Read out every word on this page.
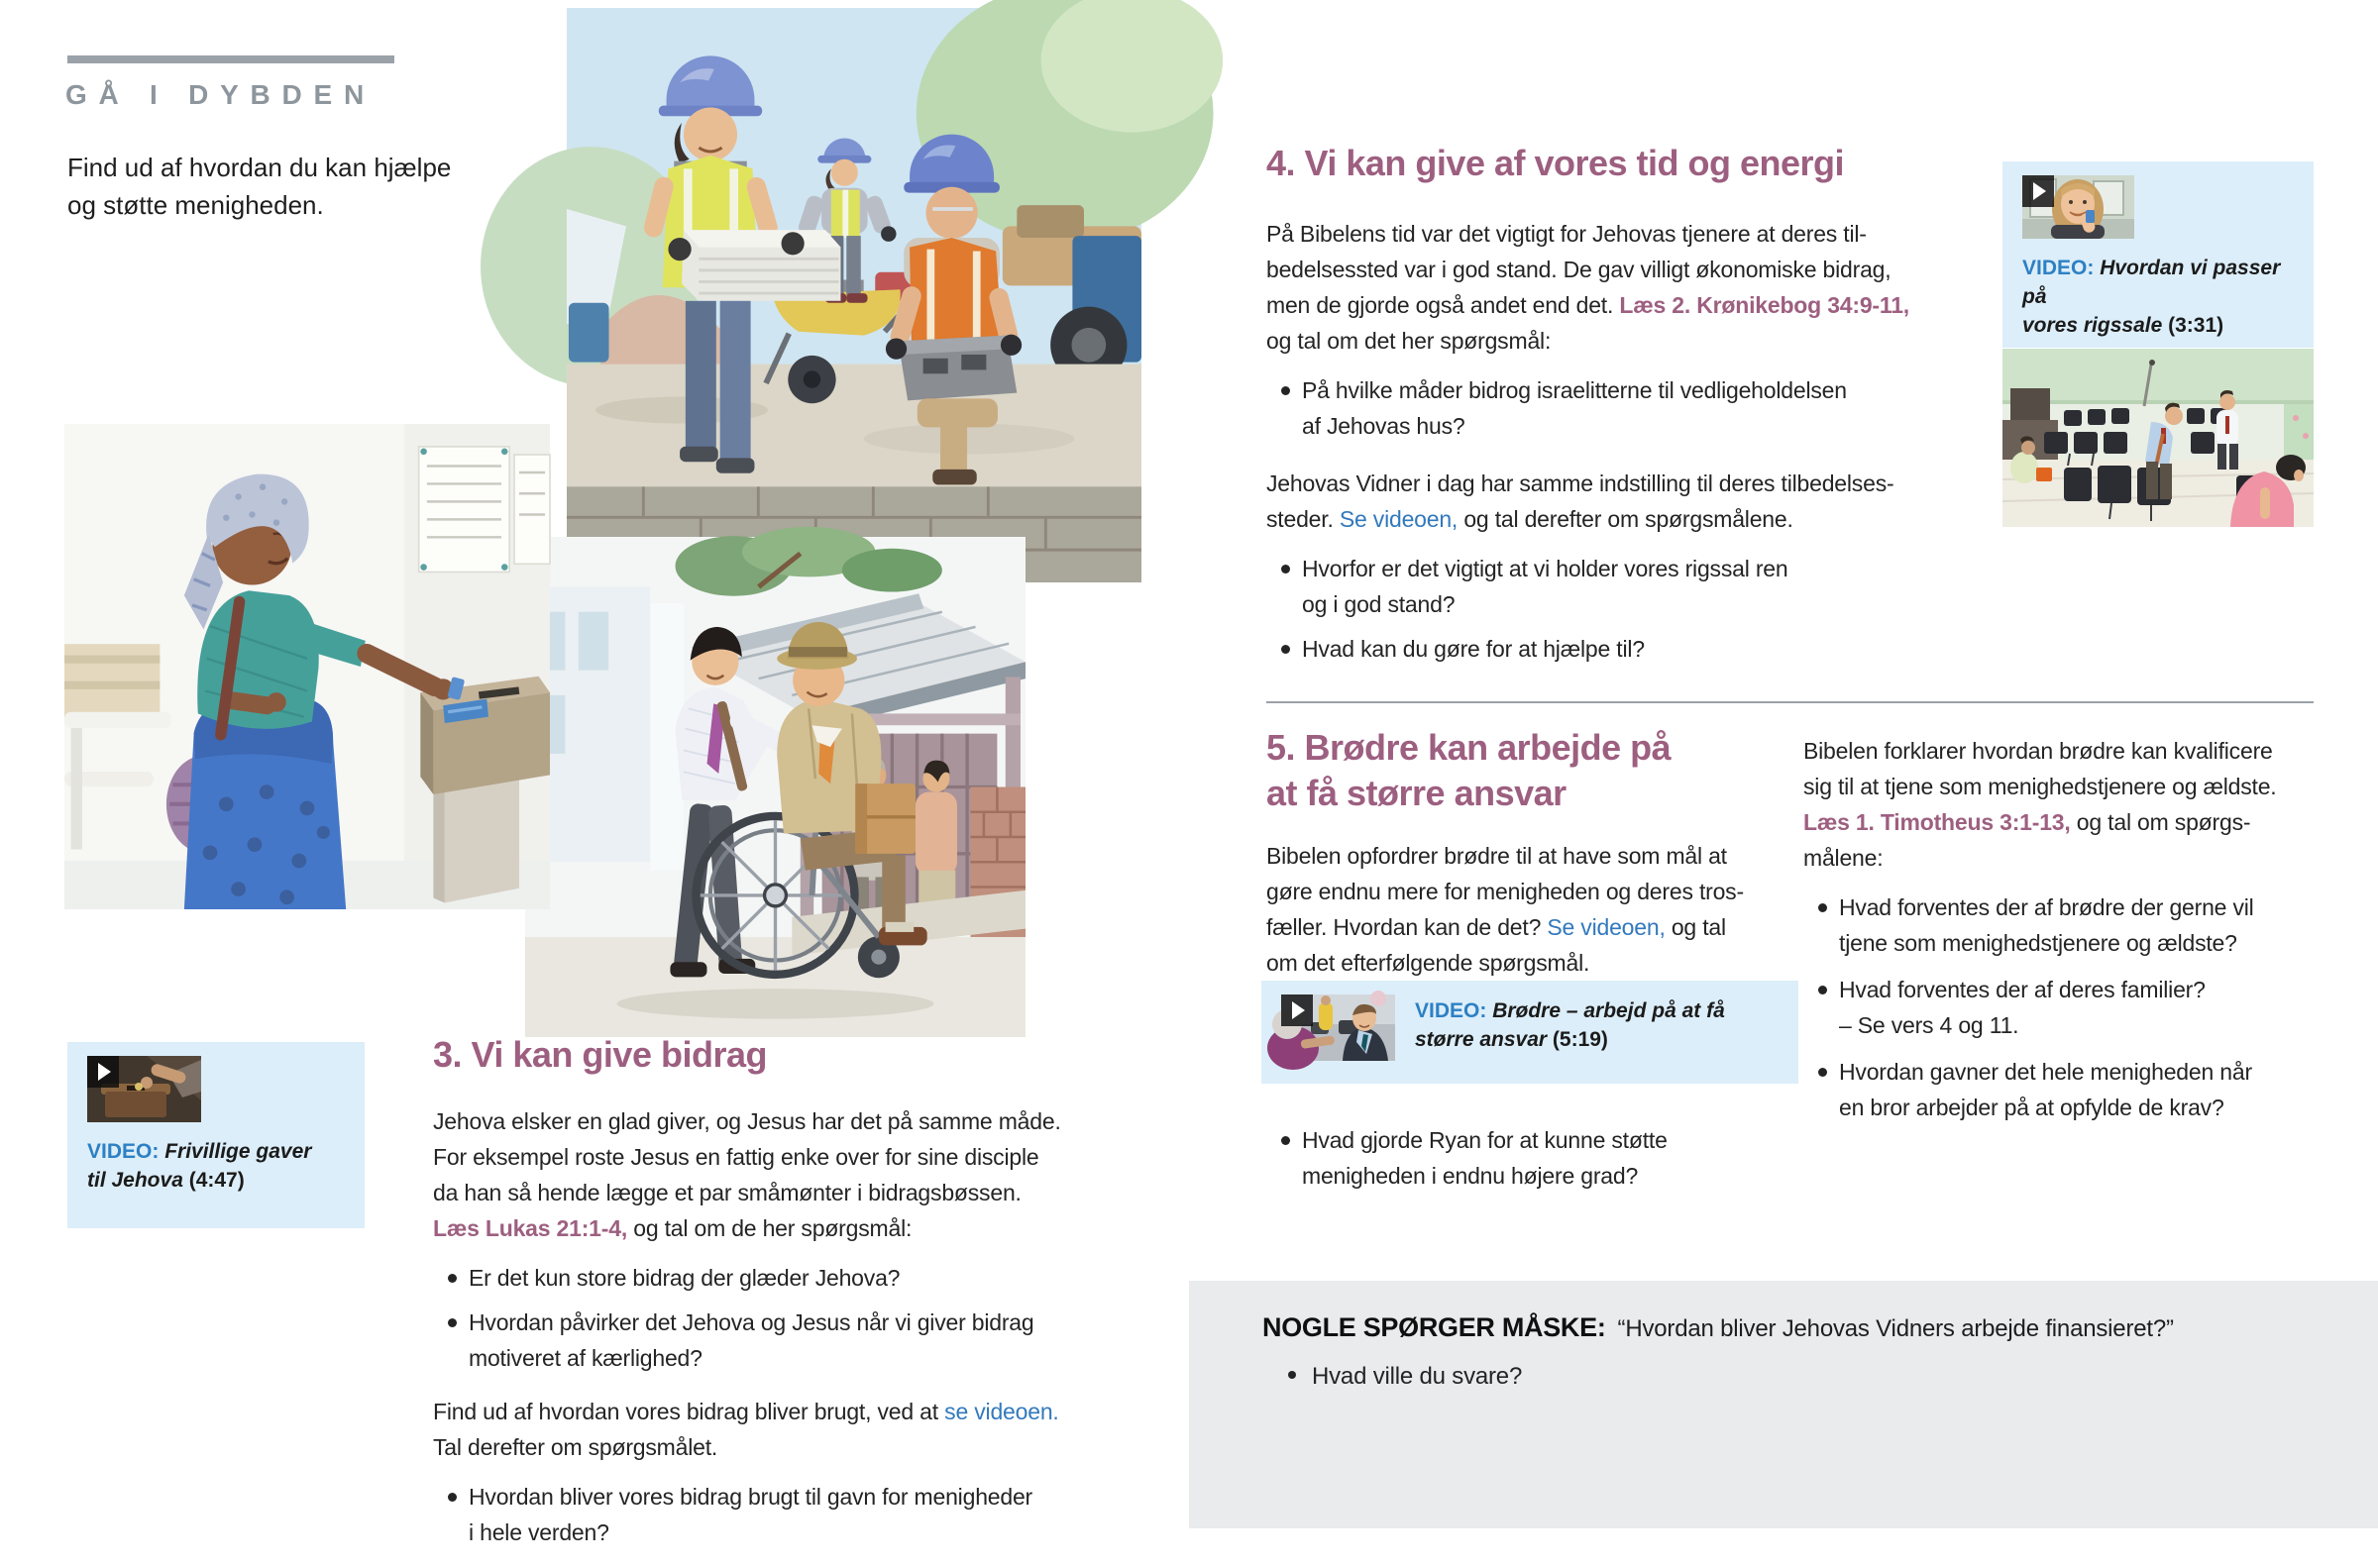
GÅ I DYBDEN
Find ud af hvordan du kan hjælpe
og støtte menigheden.

VIDEO: Frivillige gaver
til Jehova (4:47)

3. Vi kan give bidrag

Jehova elsker en glad giver, og Jesus har det på samme måde.
For eksempel roste Jesus en fattig enke over for sine disciple
da han så hende lægge et par småmønter i bidragsbøssen.
Læs Lukas 21:1-4, og tal om de her spørgsmål:

Er det kun store bidrag der glæder Jehova?
Hvordan påvirker det Jehova og Jesus når vi giver bidrag
motiveret af kærlighed?

Find ud af hvordan vores bidrag bliver brugt, ved at se videoen.
Tal derefter om spørgsmålet.

Hvordan bliver vores bidrag brugt til gavn for menigheder
i hele verden?
4. Vi kan give af vores tid og energi

På Bibelens tid var det vigtigt for Jehovas tjenere at deres til-
bedelsessted var i god stand. De gav villigt økonomiske bidrag,
men de gjorde også andet end det. Læs 2. Krønikebog 34:9-11,
og tal om det her spørgsmål:

På hvilke måder bidrog israelitterne til vedligeholdelsen
af Jehovas hus?

Jehovas Vidner i dag har samme indstilling til deres tilbedelses-
steder. Se videoen, og tal derefter om spørgsmålene.

Hvorfor er det vigtigt at vi holder vores rigssal ren
og i god stand?
Hvad kan du gøre for at hjælpe til?

VIDEO: Hvordan vi passer på
vores rigssale (3:31)

5. Brødre kan arbejde på
at få større ansvar

Bibelen opfordrer brødre til at have som mål at
gøre endnu mere for menigheden og deres tros-
fæller. Hvordan kan de det? Se videoen, og tal
om det efterfølgende spørgsmål.

VIDEO: Brødre – arbejd på at få
større ansvar (5:19)

Hvad gjorde Ryan for at kunne støtte
menigheden i endnu højere grad?

Bibelen forklarer hvordan brødre kan kvalificere
sig til at tjene som menighedstjenere og ældste.
Læs 1. Timotheus 3:1-13, og tal om spørgs-
målene:

Hvad forventes der af brødre der gerne vil
tjene som menighedstjenere og ældste?
Hvad forventes der af deres familier?
– Se vers 4 og 11.
Hvordan gavner det hele menigheden når
en bror arbejder på at opfylde de krav?

NOGLE SPØRGER MÅSKE: “Hvordan bliver Jehovas Vidners arbejde finansieret?”

Hvad ville du svare?
